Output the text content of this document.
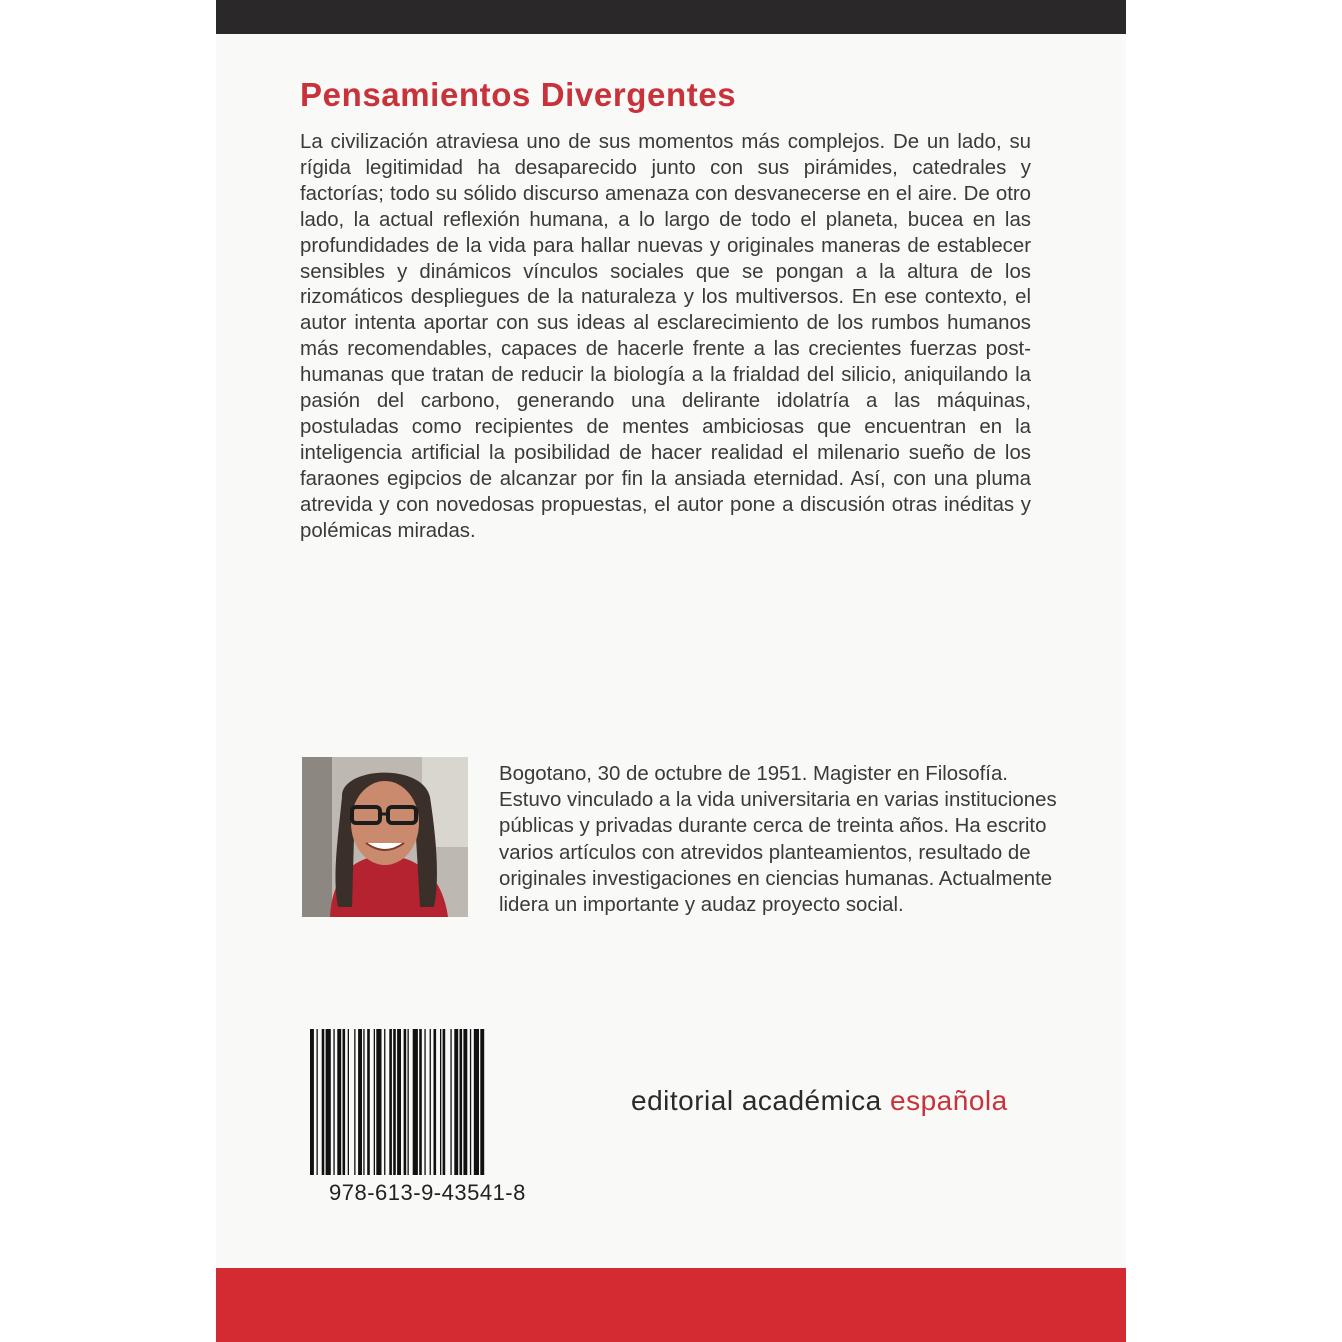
Pensamientos Divergentes

La civilización atraviesa uno de sus momentos más complejos. De un lado, su rígida legitimidad ha desaparecido junto con sus pirámides, catedrales y factorías; todo su sólido discurso amenaza con desvanecerse en el aire. De otro lado, la actual reflexión humana, a lo largo de todo el planeta, bucea en las profundidades de la vida para hallar nuevas y originales maneras de establecer sensibles y dinámicos vínculos sociales que se pongan a la altura de los rizomáticos despliegues de la naturaleza y los multiversos. En ese contexto, el autor intenta aportar con sus ideas al esclarecimiento de los rumbos humanos más recomendables, capaces de hacerle frente a las crecientes fuerzas post-humanas que tratan de reducir la biología a la frialdad del silicio, aniquilando la pasión del carbono, generando una delirante idolatría a las máquinas, postuladas como recipientes de mentes ambiciosas que encuentran en la inteligencia artificial la posibilidad de hacer realidad el milenario sueño de los faraones egipcios de alcanzar por fin la ansiada eternidad. Así, con una pluma atrevida y con novedosas propuestas, el autor pone a discusión otras inéditas y polémicas miradas.

Bogotano, 30 de octubre de 1951. Magister en Filosofía. Estuvo vinculado a la vida universitaria en varias instituciones públicas y privadas durante cerca de treinta años. Ha escrito varios artículos con atrevidos planteamientos, resultado de originales investigaciones en ciencias humanas. Actualmente lidera un importante y audaz proyecto social.

978-613-9-43541-8

editorial académica española
